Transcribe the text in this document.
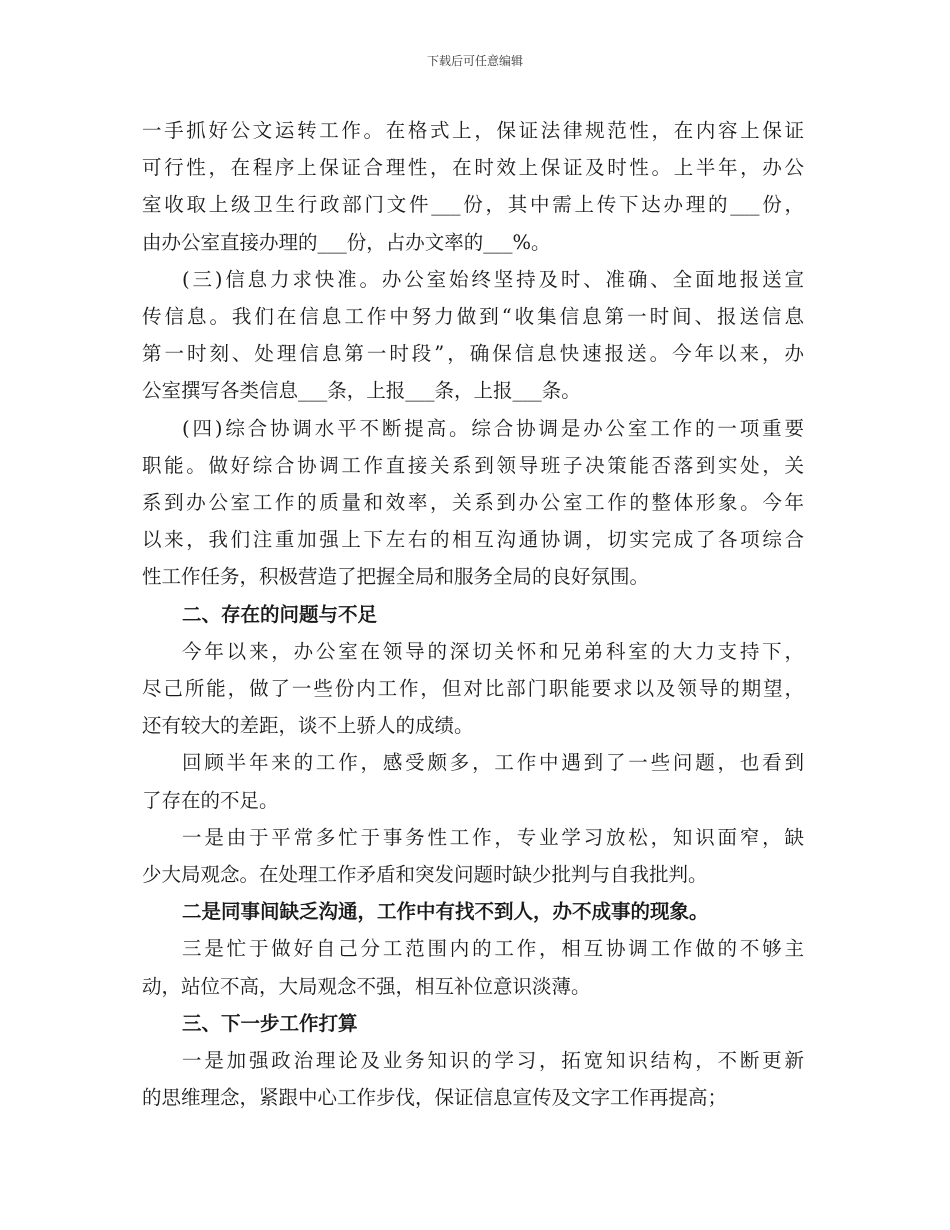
下载后可任意编辑
一手抓好公文运转工作。在格式上，保证法律规范性，在内容上保证
可行性，在程序上保证合理性，在时效上保证及时性。上半年，办公
室收取上级卫生行政部门文件___份，其中需上传下达办理的___份，
由办公室直接办理的___份，占办文率的___%。
(三)信息力求快准。办公室始终坚持及时、准确、全面地报送宣
传信息。我们在信息工作中努力做到“收集信息第一时间、报送信息
第一时刻、处理信息第一时段”，确保信息快速报送。今年以来，办
公室撰写各类信息___条，上报___条，上报___条。
(四)综合协调水平不断提高。综合协调是办公室工作的一项重要
职能。做好综合协调工作直接关系到领导班子决策能否落到实处，关
系到办公室工作的质量和效率，关系到办公室工作的整体形象。今年
以来，我们注重加强上下左右的相互沟通协调，切实完成了各项综合
性工作任务，积极营造了把握全局和服务全局的良好氛围。
二、存在的问题与不足
今年以来，办公室在领导的深切关怀和兄弟科室的大力支持下，
尽己所能，做了一些份内工作，但对比部门职能要求以及领导的期望，
还有较大的差距，谈不上骄人的成绩。
回顾半年来的工作，感受颇多，工作中遇到了一些问题，也看到
了存在的不足。
一是由于平常多忙于事务性工作，专业学习放松，知识面窄，缺
少大局观念。在处理工作矛盾和突发问题时缺少批判与自我批判。
二是同事间缺乏沟通，工作中有找不到人，办不成事的现象。
三是忙于做好自己分工范围内的工作，相互协调工作做的不够主
动，站位不高，大局观念不强，相互补位意识淡薄。
三、下一步工作打算
一是加强政治理论及业务知识的学习，拓宽知识结构，不断更新
的思维理念，紧跟中心工作步伐，保证信息宣传及文字工作再提高；
